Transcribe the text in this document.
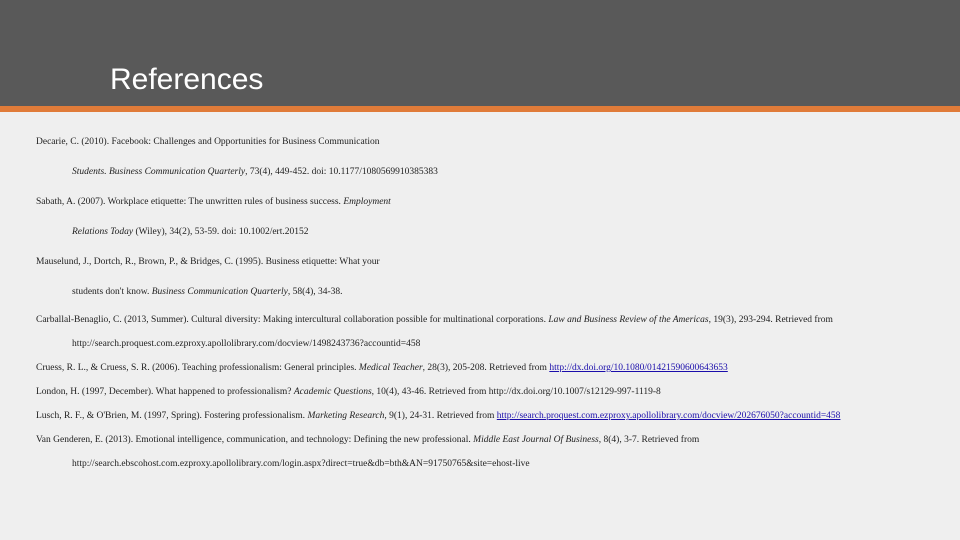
References
Decarie, C. (2010). Facebook: Challenges and Opportunities for Business Communication
Students. Business Communication Quarterly, 73(4), 449-452. doi: 10.1177/1080569910385383
Sabath, A. (2007). Workplace etiquette: The unwritten rules of business success. Employment
Relations Today (Wiley), 34(2), 53-59. doi: 10.1002/ert.20152
Mauselund, J., Dortch, R., Brown, P., & Bridges, C. (1995). Business etiquette: What your
students don't know. Business Communication Quarterly, 58(4), 34-38.
Carballal-Benaglio, C. (2013, Summer). Cultural diversity: Making intercultural collaboration possible for multinational corporations. Law and Business Review of the Americas, 19(3), 293-294. Retrieved from
http://search.proquest.com.ezproxy.apollolibrary.com/docview/1498243736?accountid=458
Cruess, R. L., & Cruess, S. R. (2006). Teaching professionalism: General principles. Medical Teacher, 28(3), 205-208. Retrieved from http://dx.doi.org/10.1080/01421590600643653
London, H. (1997, December). What happened to professionalism? Academic Questions, 10(4), 43-46. Retrieved from http://dx.doi.org/10.1007/s12129-997-1119-8
Lusch, R. F., & O'Brien, M. (1997, Spring). Fostering professionalism. Marketing Research, 9(1), 24-31. Retrieved from http://search.proquest.com.ezproxy.apollolibrary.com/docview/202676050?accountid=458
Van Genderen, E. (2013). Emotional intelligence, communication, and technology: Defining the new professional. Middle East Journal Of Business, 8(4), 3-7. Retrieved from
http://search.ebscohost.com.ezproxy.apollolibrary.com/login.aspx?direct=true&db=bth&AN=91750765&site=ehost-live
